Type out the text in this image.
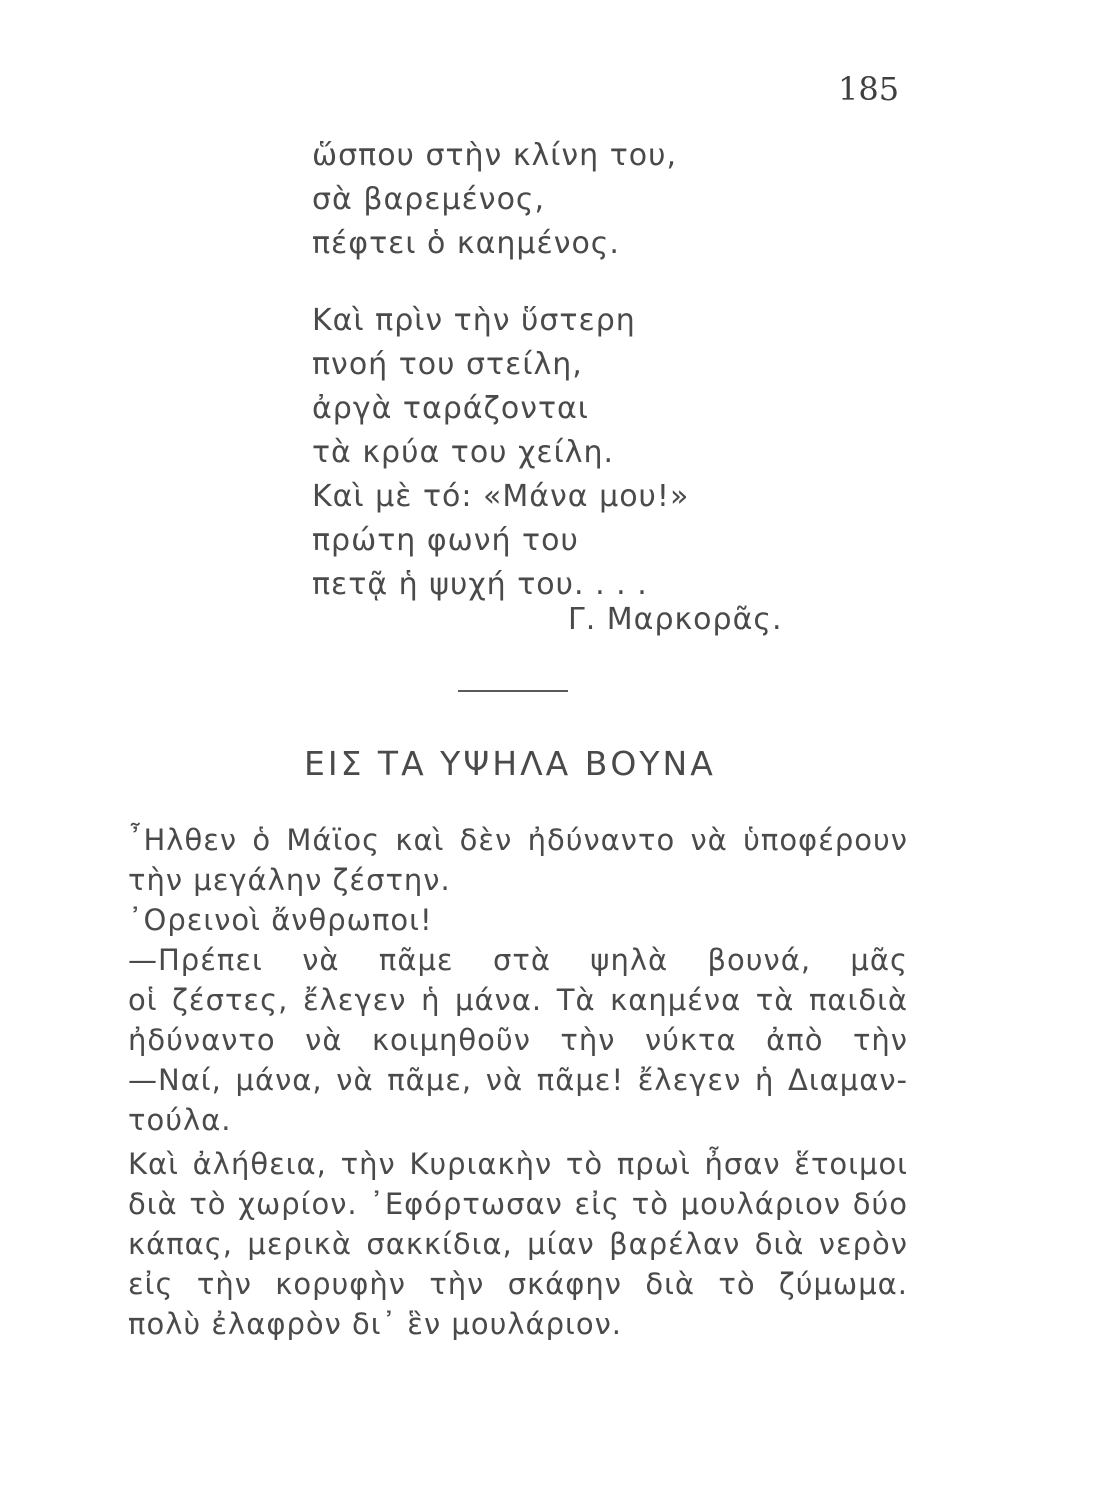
185
ὥσπου στὴν κλίνη του,
σὰ βαρεμένος,
πέφτει ὁ καημένος.
Καὶ πρὶν τὴν ὕστερη
πνοή του στείλη,
ἀργὰ ταράζονται
τὰ κρύα του χείλη.
Καὶ μὲ τό: «Μάνα μου!»
πρώτη φωνή του
πετᾷ ἡ ψυχή του. . . .
Γ. Μαρκορᾶς.
ΕΙΣ ΤΑ ΥΨΗΛΑ ΒΟΥΝΑ
῏Ηλθεν ὁ Μάϊος καὶ δὲν ἠδύναντο νὰ ὑποφέρουν
τὴν μεγάλην ζέστην.
᾿Ορεινοὶ ἄνθρωποι!
—Πρέπει νὰ πᾶμε στὰ ψηλὰ βουνά, μᾶς
οἱ ζέστες, ἔλεγεν ἡ μάνα. Τὰ καημένα τὰ παιδιὰ
ἠδύναντο νὰ κοιμηθοῦν τὴν νύκτα ἀπὸ τὴν
—Ναί, μάνα, νὰ πᾶμε, νὰ πᾶμε! ἔλεγεν ἡ Διαμαν-
τούλα.
Καὶ ἀλήθεια, τὴν Κυριακὴν τὸ πρωὶ ἦσαν ἕτοιμοι
διὰ τὸ χωρίον. ᾿Εφόρτωσαν εἰς τὸ μουλάριον δύο
κάπας, μερικὰ σακκίδια, μίαν βαρέλαν διὰ νερὸν
εἰς τὴν κορυφὴν τὴν σκάφην διὰ τὸ ζύμωμα.
πολὺ ἐλαφρὸν δι᾿ ἓν μουλάριον.
